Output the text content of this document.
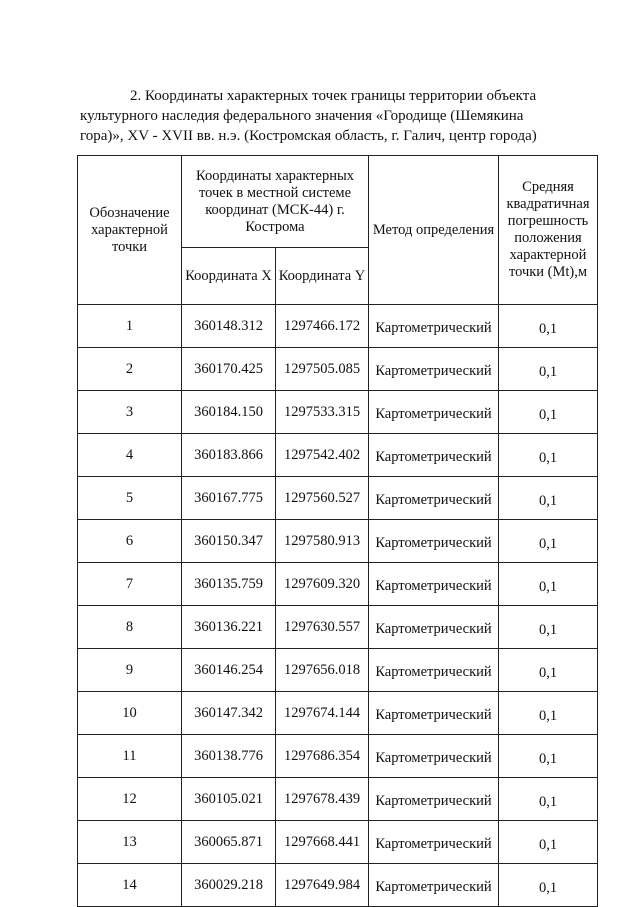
2. Координаты характерных точек границы территории объекта
культурного наследия федерального значения «Городище (Шемякина
гора)», XV - XVII вв. н.э. (Костромская область, г. Галич, центр города)
Обозначение характерной точки	Координаты характерных точек в местной системе координат (МСК-44) г. Кострома		Метод определения	Средняя квадратичная погрешность положения характерной точки (Mt),м
	Координата X	Координата Y		
1	360148.312	1297466.172	Картометрический	0,1
2	360170.425	1297505.085	Картометрический	0,1
3	360184.150	1297533.315	Картометрический	0,1
4	360183.866	1297542.402	Картометрический	0,1
5	360167.775	1297560.527	Картометрический	0,1
6	360150.347	1297580.913	Картометрический	0,1
7	360135.759	1297609.320	Картометрический	0,1
8	360136.221	1297630.557	Картометрический	0,1
9	360146.254	1297656.018	Картометрический	0,1
10	360147.342	1297674.144	Картометрический	0,1
11	360138.776	1297686.354	Картометрический	0,1
12	360105.021	1297678.439	Картометрический	0,1
13	360065.871	1297668.441	Картометрический	0,1
14	360029.218	1297649.984	Картометрический	0,1
